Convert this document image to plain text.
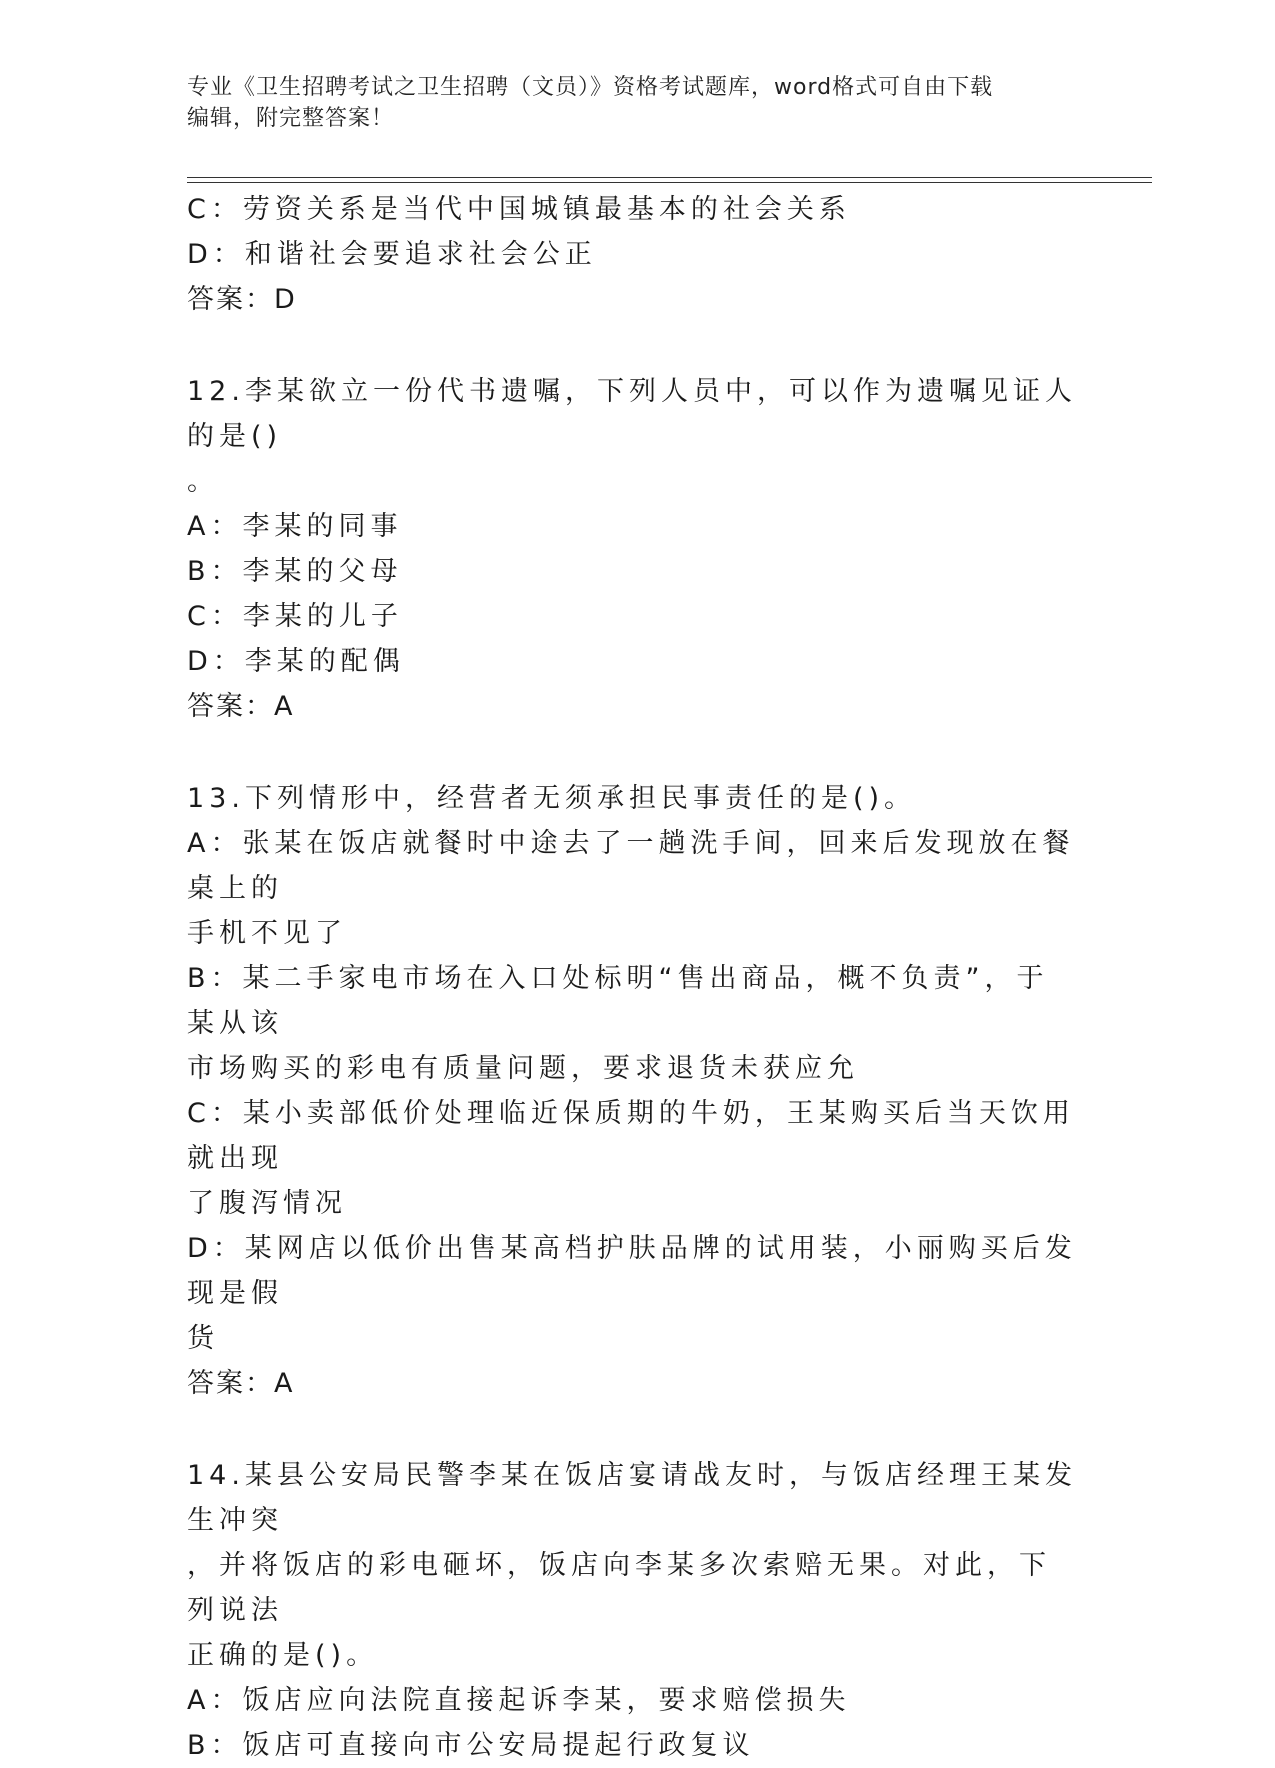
专业《卫生招聘考试之卫生招聘（文员）》资格考试题库，word格式可自由下载
编辑，附完整答案！
C：劳资关系是当代中国城镇最基本的社会关系
D：和谐社会要追求社会公正
答案：D
12.李某欲立一份代书遗嘱，下列人员中，可以作为遗嘱见证人的是()
。
A：李某的同事
B：李某的父母
C：李某的儿子
D：李某的配偶
答案：A
13.下列情形中，经营者无须承担民事责任的是()。
A：张某在饭店就餐时中途去了一趟洗手间，回来后发现放在餐桌上的
手机不见了
B：某二手家电市场在入口处标明“售出商品，概不负责”，于某从该
市场购买的彩电有质量问题，要求退货未获应允
C：某小卖部低价处理临近保质期的牛奶，王某购买后当天饮用就出现
了腹泻情况
D：某网店以低价出售某高档护肤品牌的试用装，小丽购买后发现是假
货
答案：A
14.某县公安局民警李某在饭店宴请战友时，与饭店经理王某发生冲突
，并将饭店的彩电砸坏，饭店向李某多次索赔无果。对此，下列说法
正确的是()。
A：饭店应向法院直接起诉李某，要求赔偿损失
B：饭店可直接向市公安局提起行政复议
